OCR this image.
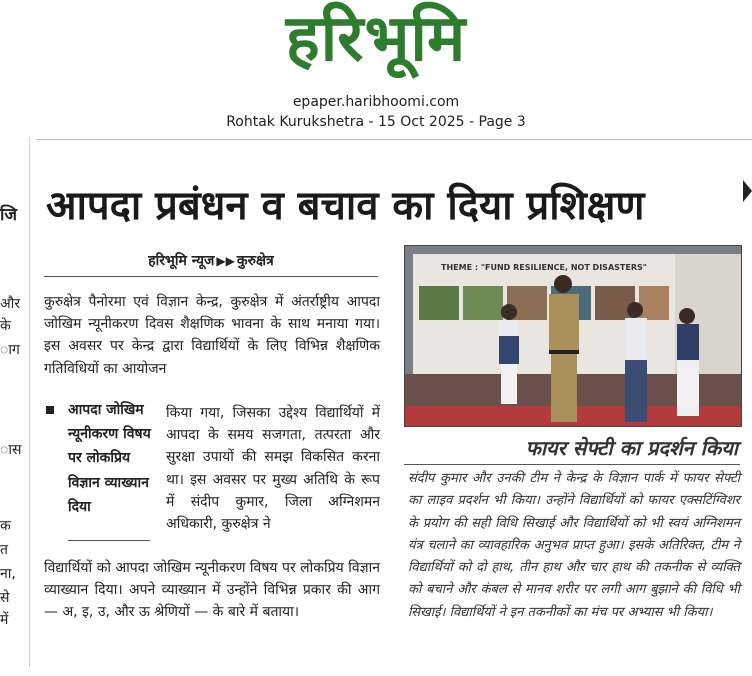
हरिभूमि
epaper.haribhoomi.com
Rohtak Kurukshetra - 15 Oct 2025 - Page 3
जि
और
के
ाग
ास
क
त
ना,
से
में
आपदा प्रबंधन व बचाव का दिया प्रशिक्षण
हरिभूमि न्यूज ▶▶ कुरुक्षेत्र
कुरुक्षेत्र पैनोरमा एवं विज्ञान केन्द्र, कुरुक्षेत्र में अंतर्राष्ट्रीय आपदा जोखिम न्यूनीकरण दिवस शैक्षणिक भावना के साथ मनाया गया। इस अवसर पर केन्द्र द्वारा विद्यार्थियों के लिए विभिन्न शैक्षणिक गतिविधियों का आयोजन
आपदा जोखिम न्यूनीकरण विषय पर लोकप्रिय विज्ञान व्याख्यान दिया
किया गया, जिसका उद्देश्य विद्यार्थियों में आपदा के समय सजगता, तत्परता और सुरक्षा उपायों की समझ विकसित करना था। इस अवसर पर मुख्य अतिथि के रूप में संदीप कुमार, जिला अग्निशमन अधिकारी, कुरुक्षेत्र ने
विद्यार्थियों को आपदा जोखिम न्यूनीकरण विषय पर लोकप्रिय विज्ञान व्याख्यान दिया। अपने व्याख्यान में उन्होंने विभिन्न प्रकार की आग — अ, इ, उ, और ऊ श्रेणियों — के बारे में बताया।
THEME : "FUND RESILIENCE, NOT DISASTERS"
फायर सेफ्टी का प्रदर्शन किया
संदीप कुमार और उनकी टीम ने केन्द्र के विज्ञान पार्क में फायर सेफ्टी का लाइव प्रदर्शन भी किया। उन्होंने विद्यार्थियों को फायर एक्सटिंग्विशर के प्रयोग की सही विधि सिखाई और विद्यार्थियों को भी स्वयं अग्निशमन यंत्र चलाने का व्यावहारिक अनुभव प्राप्त हुआ। इसके अतिरिक्त, टीम ने विद्यार्थियों को दो हाथ, तीन हाथ और चार हाथ की तकनीक से व्यक्ति को बचाने और कंबल से मानव शरीर पर लगी आग बुझाने की विधि भी सिखाई। विद्यार्थियों ने इन तकनीकों का मंच पर अभ्यास भी किया।
